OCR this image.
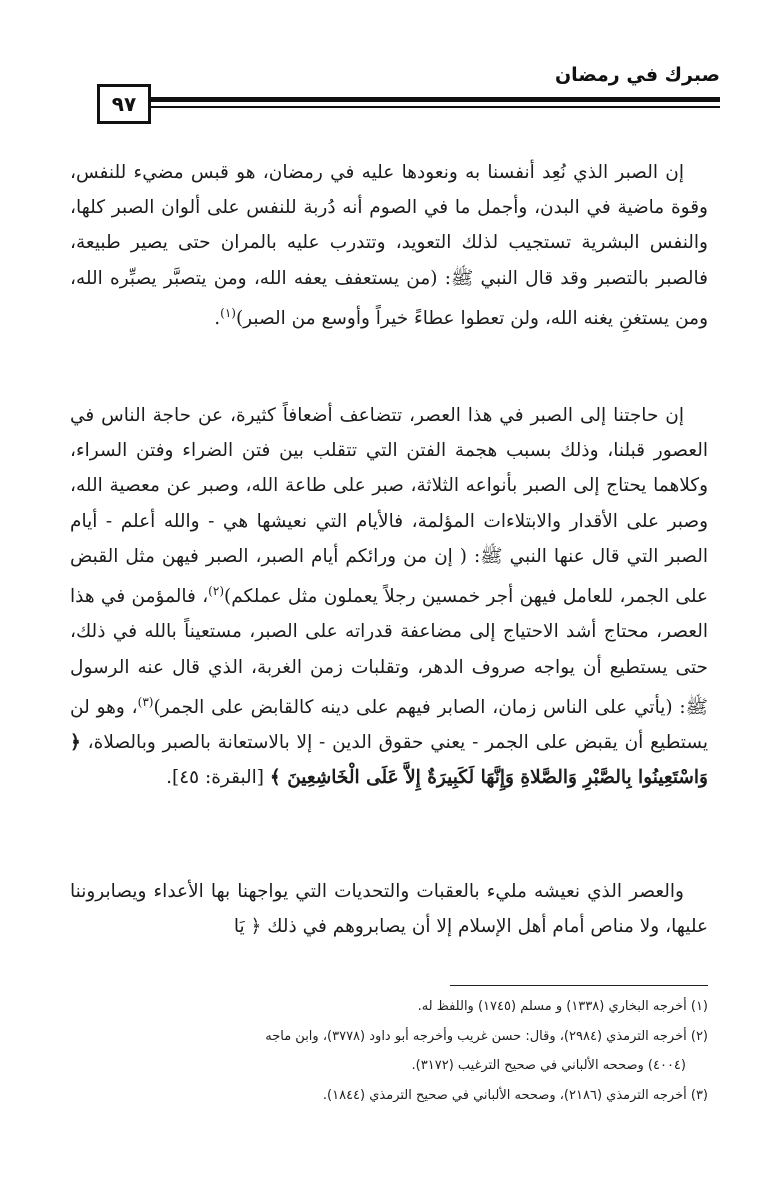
صبرك في رمضان
٩٧

إن الصبر الذي نُعِد أنفسنا به ونعودها عليه في رمضان، هو قبس مضيء للنفس، وقوة ماضية في البدن، وأجمل ما في الصوم أنه دُربة للنفس على ألوان الصبر كلها، والنفس البشرية تستجيب لذلك التعويد، وتتدرب عليه بالمران حتى يصير طبيعة، فالصبر بالتصبر وقد قال النبي ﷺ: (من يستعفف يعفه الله، ومن يتصبَّر يصبِّره الله، ومن يستغنِ يغنه الله، ولن تعطوا عطاءً خيراً وأوسع من الصبر)$^{(١)}$.

إن حاجتنا إلى الصبر في هذا العصر، تتضاعف أضعافاً كثيرة، عن حاجة الناس في العصور قبلنا، وذلك بسبب هجمة الفتن التي تتقلب بين فتن الضراء وفتن السراء، وكلاهما يحتاج إلى الصبر بأنواعه الثلاثة، صبر على طاعة الله، وصبر عن معصية الله، وصبر على الأقدار والابتلاءات المؤلمة، فالأيام التي نعيشها هي - والله أعلم - أيام الصبر التي قال عنها النبي ﷺ: ( إن من ورائكم أيام الصبر، الصبر فيهن مثل القبض على الجمر، للعامل فيهن أجر خمسين رجلاً يعملون مثل عملكم)$^{(٢)}$، فالمؤمن في هذا العصر، محتاج أشد الاحتياج إلى مضاعفة قدراته على الصبر، مستعيناً بالله في ذلك، حتى يستطيع أن يواجه صروف الدهر، وتقلبات زمن الغربة، الذي قال عنه الرسول ﷺ: (يأتي على الناس زمان، الصابر فيهم على دينه كالقابض على الجمر)$^{(٣)}$، وهو لن يستطيع أن يقبض على الجمر - يعني حقوق الدين - إلا بالاستعانة بالصبر وبالصلاة، ﴿ وَاسْتَعِينُوا بِالصَّبْرِ وَالصَّلاةِ وَإِنَّهَا لَكَبِيرَةٌ إِلاَّ عَلَى الْخَاشِعِينَ ﴾ [البقرة: ٤٥].

والعصر الذي نعيشه مليء بالعقبات والتحديات التي يواجهنا بها الأعداء ويصابروننا عليها، ولا مناص أمام أهل الإسلام إلا أن يصابروهم في ذلك ﴿ يَا

(١) أخرجه البخاري (١٣٣٨) و مسلم (١٧٤٥) واللفظ له.

(٢) أخرجه الترمذي (٢٩٨٤)، وقال: حسن غريب وأخرجه أبو داود (٣٧٧٨)، وابن ماجه

(٤٠٠٤) وصححه الألباني في صحيح الترغيب (٣١٧٢).

(٣) أخرجه الترمذي (٢١٨٦)، وصححه الألباني في صحيح الترمذي (١٨٤٤).
